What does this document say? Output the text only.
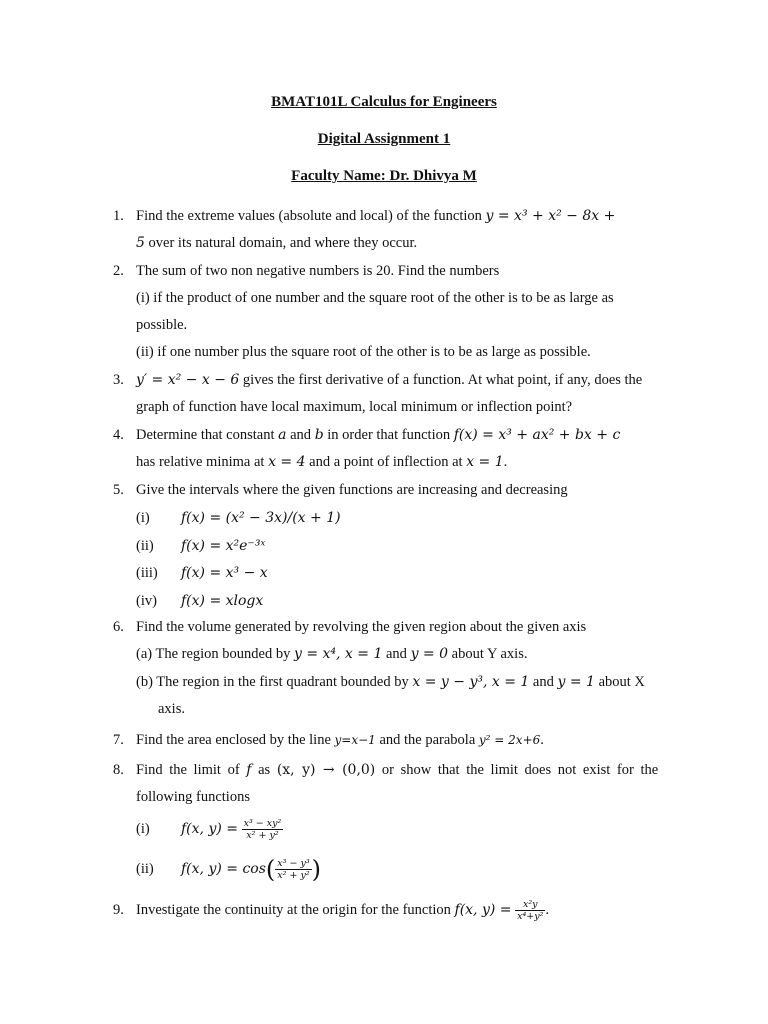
BMAT101L Calculus for Engineers
Digital Assignment 1
Faculty Name: Dr. Dhivya M
1. Find the extreme values (absolute and local) of the function y = x³ + x² − 8x +
5 over its natural domain, and where they occur.
2. The sum of two non negative numbers is 20. Find the numbers
(i) if the product of one number and the square root of the other is to be as large as
possible.
(ii) if one number plus the square root of the other is to be as large as possible.
3. y′ = x² − x − 6 gives the first derivative of a function. At what point, if any, does the
graph of function have local maximum, local minimum or inflection point?
4. Determine that constant a and b in order that function f(x) = x³ + ax² + bx + c
has relative minima at x = 4 and a point of inflection at x = 1.
5. Give the intervals where the given functions are increasing and decreasing
(i) f(x) = (x² − 3x)/(x + 1)
(ii) f(x) = x²e⁻³ˣ
(iii) f(x) = x³ − x
(iv) f(x) = xlogx
6. Find the volume generated by revolving the given region about the given axis
(a) The region bounded by y = x⁴, x = 1 and y = 0 about Y axis.
(b) The region in the first quadrant bounded by x = y − y³, x = 1 and y = 1 about X
axis.
7. Find the area enclosed by the line y=x−1 and the parabola y² = 2x+6.
8. Find the limit of f as (x, y) → (0,0) or show that the limit does not exist for the
following functions
(i) f(x, $y) = \frac{\text{x³ − xy²}}{\text{x² + y²}}$
(ii) f(x, $y) = \cos( \frac{\text{x³ − y³}}{\text{x² + y²}}$ )
9. Investigate the continuity at the origin for the function f(x, $y) = \frac{\text{x²y}}{\text{x⁴+y²}}$ .
